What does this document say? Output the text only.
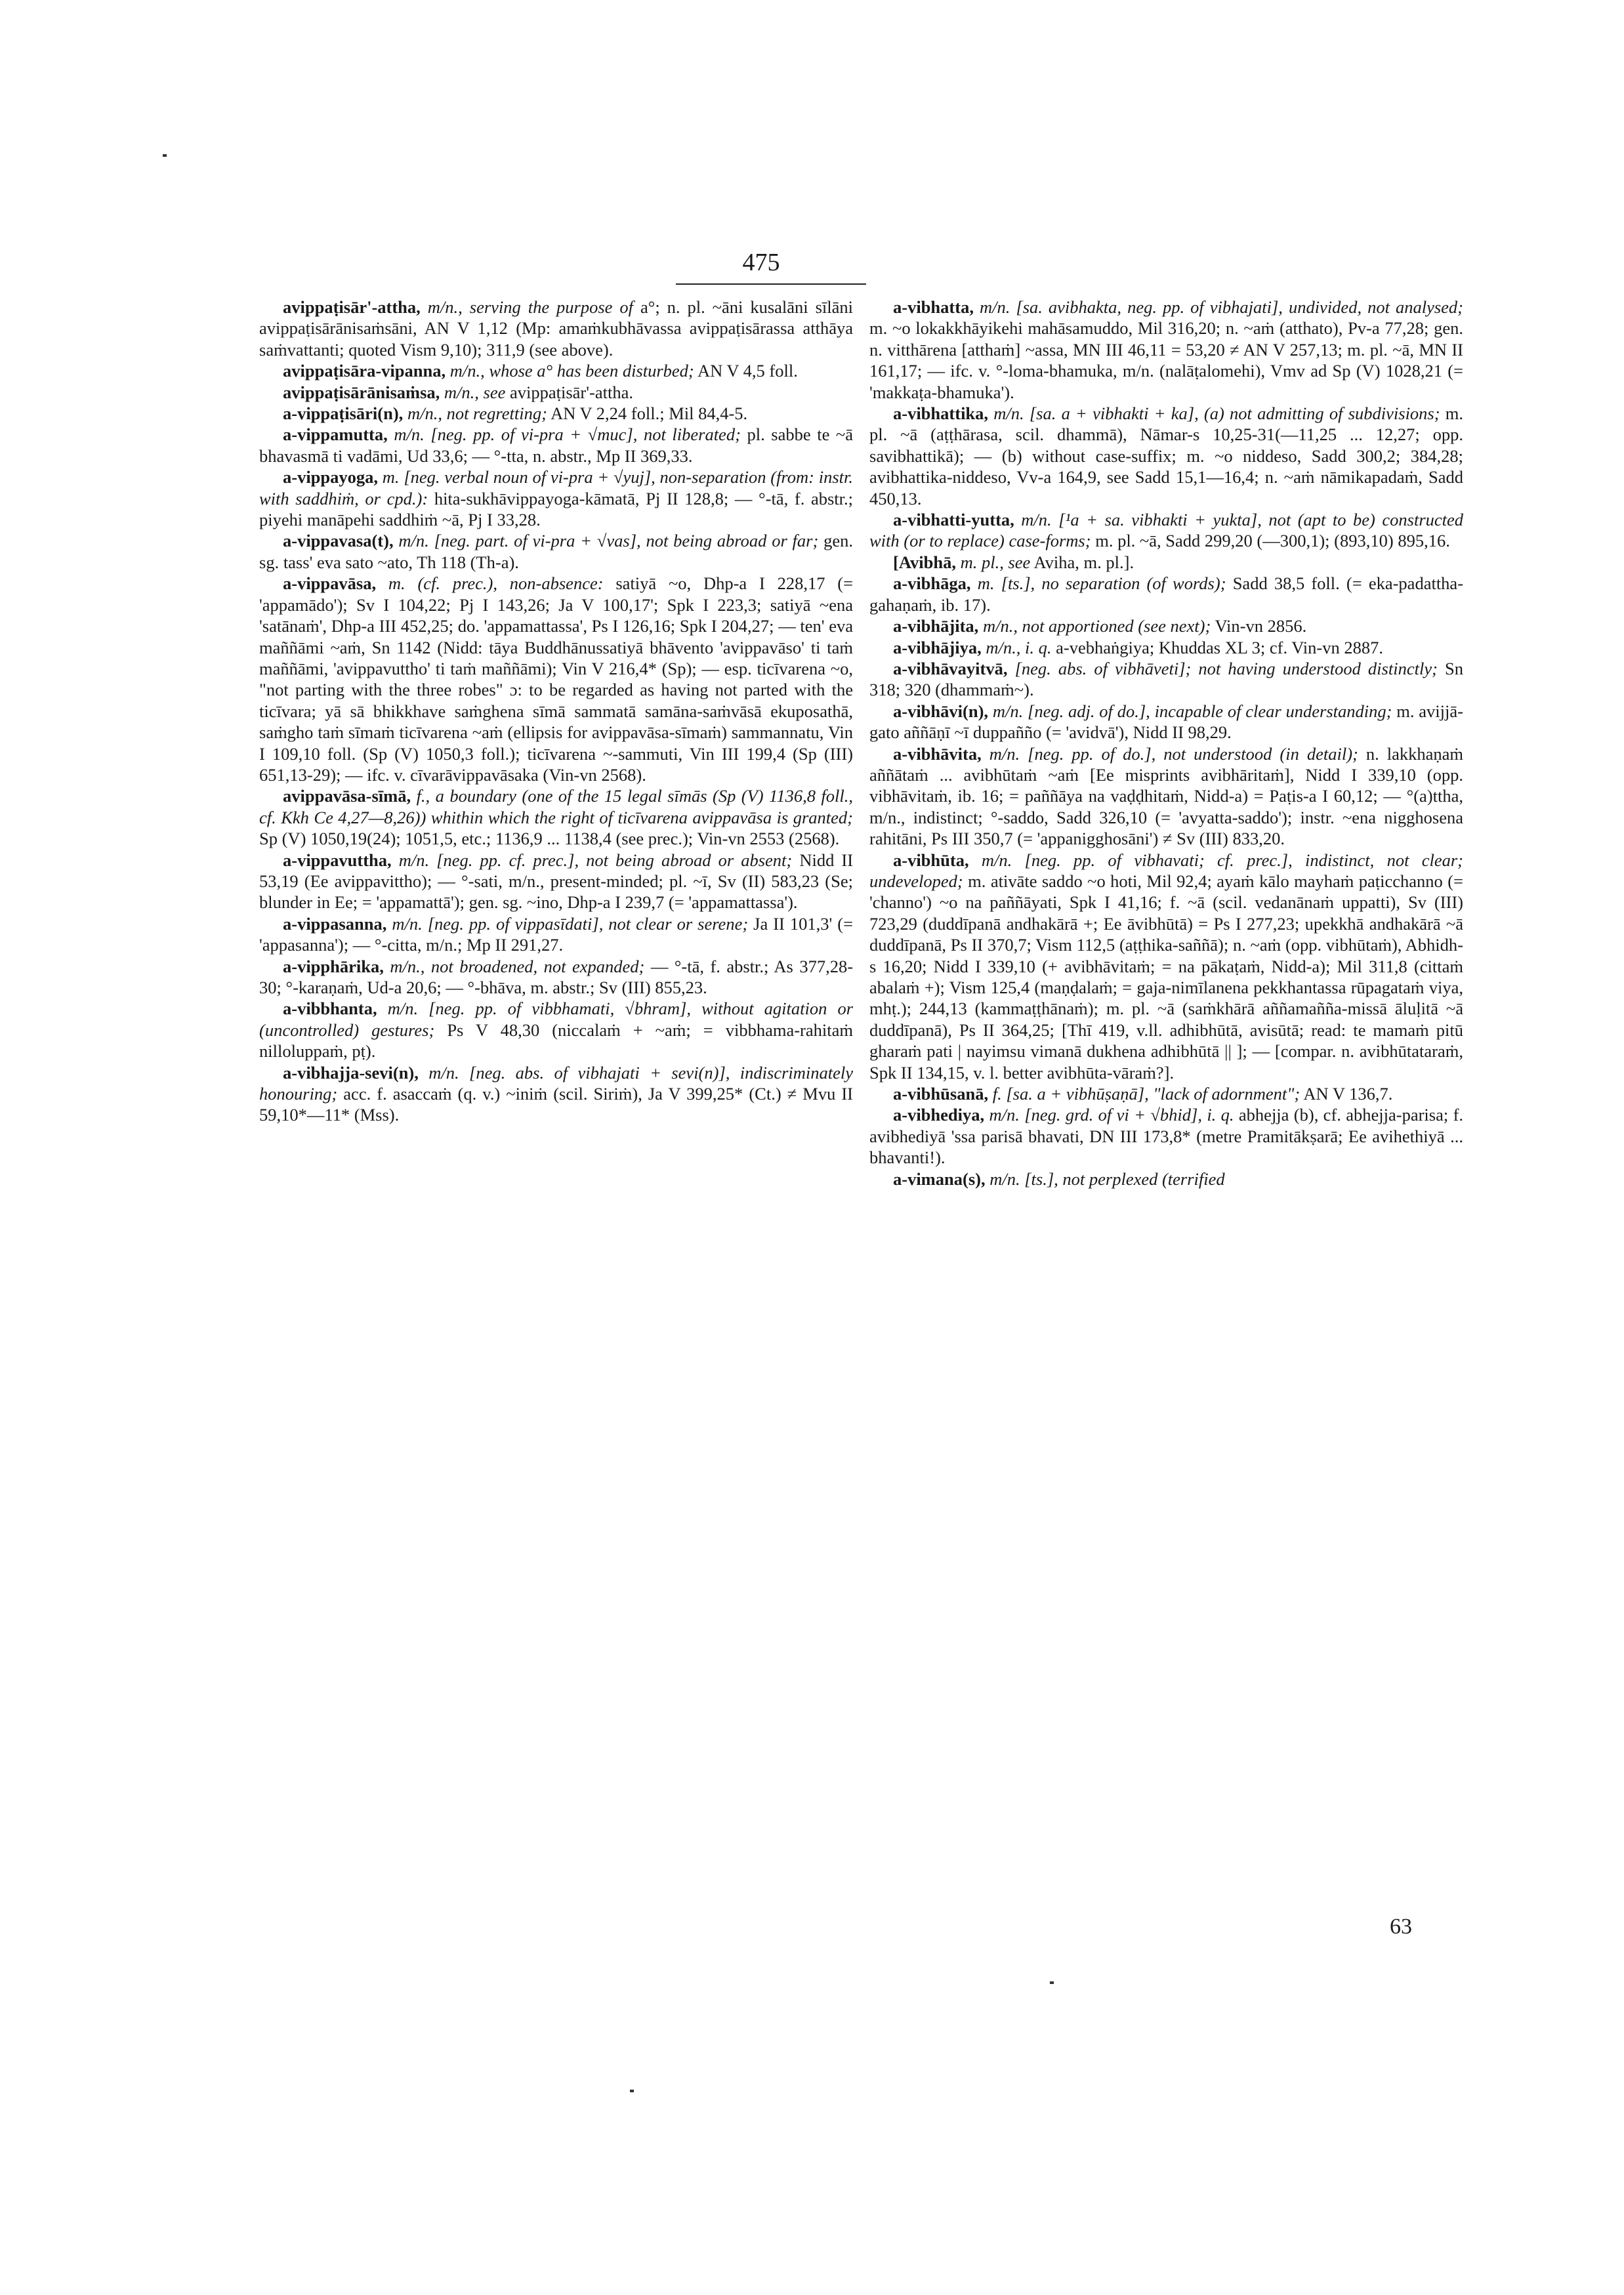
475

avippaṭisār'-attha, m/n., serving the purpose of a°; n. pl. ~āni kusalāni sīlāni avippaṭisārānisaṁsāni, AN V 1,12 (Mp: amaṁkubhāvassa avippaṭisārassa atthāya saṁvattanti; quoted Vism 9,10); 311,9 (see above).

avippaṭisāra-vipanna, m/n., whose a° has been disturbed; AN V 4,5 foll.

avippaṭisārānisaṁsa, m/n., see avippaṭisār'-attha.

a-vippaṭisāri(n), m/n., not regretting; AN V 2,24 foll.; Mil 84,4-5.

a-vippamutta, m/n. [neg. pp. of vi-pra + √muc], not liberated; pl. sabbe te ~ā bhavasmā ti vadāmi, Ud 33,6; — °-tta, n. abstr., Mp II 369,33.

a-vippayoga, m. [neg. verbal noun of vi-pra + √yuj], non-separation (from: instr. with saddhiṁ, or cpd.): hita-sukhāvippayoga-kāmatā, Pj II 128,8; — °-tā, f. abstr.; piyehi manāpehi saddhiṁ ~ā, Pj I 33,28.

a-vippavasa(t), m/n. [neg. part. of vi-pra + √vas], not being abroad or far; gen. sg. tass' eva sato ~ato, Th 118 (Th-a).

a-vippavāsa, m. (cf. prec.), non-absence: satiyā ~o, Dhp-a I 228,17 (= 'appamādo'); Sv I 104,22; Pj I 143,26; Ja V 100,17'; Spk I 223,3; satiyā ~ena 'satānaṁ', Dhp-a III 452,25; do. 'appamattassa', Ps I 126,16; Spk I 204,27; — ten' eva maññāmi ~aṁ, Sn 1142 (Nidd: tāya Buddhānussatiyā bhāvento 'avippavāso' ti taṁ maññāmi, 'avippavuttho' ti taṁ maññāmi); Vin V 216,4* (Sp); — esp. ticīvarena ~o, "not parting with the three robes" ɔ: to be regarded as having not parted with the ticīvara; yā sā bhikkhave saṁghena sīmā sammatā samāna-saṁvāsā ekuposathā, saṁgho taṁ sīmaṁ ticīvarena ~aṁ (ellipsis for avippavāsa-sīmaṁ) sammannatu, Vin I 109,10 foll. (Sp (V) 1050,3 foll.); ticīvarena ~-sammuti, Vin III 199,4 (Sp (III) 651,13-29); — ifc. v. cīvarāvippavāsaka (Vin-vn 2568).

avippavāsa-sīmā, f., a boundary (one of the 15 legal sīmās (Sp (V) 1136,8 foll., cf. Kkh Ce 4,27—8,26)) whithin which the right of ticīvarena avippavāsa is granted; Sp (V) 1050,19(24); 1051,5, etc.; 1136,9 ... 1138,4 (see prec.); Vin-vn 2553 (2568).

a-vippavuttha, m/n. [neg. pp. cf. prec.], not being abroad or absent; Nidd II 53,19 (Ee avippavittho); — °-sati, m/n., present-minded; pl. ~ī, Sv (II) 583,23 (Se; blunder in Ee; = 'appamattā'); gen. sg. ~ino, Dhp-a I 239,7 (= 'appamattassa').

a-vippasanna, m/n. [neg. pp. of vippasīdati], not clear or serene; Ja II 101,3' (= 'appasanna'); — °-citta, m/n.; Mp II 291,27.

a-vipphārika, m/n., not broadened, not expanded; — °-tā, f. abstr.; As 377,28-30; °-karaṇaṁ, Ud-a 20,6; — °-bhāva, m. abstr.; Sv (III) 855,23.

a-vibbhanta, m/n. [neg. pp. of vibbhamati, √bhram], without agitation or (uncontrolled) gestures; Ps V 48,30 (niccalaṁ + ~aṁ; = vibbhama-rahitaṁ nilloluppaṁ, pṭ).

a-vibhajja-sevi(n), m/n. [neg. abs. of vibhajati + sevi(n)], indiscriminately honouring; acc. f. asaccaṁ (q. v.) ~iniṁ (scil. Siriṁ), Ja V 399,25* (Ct.) ≠ Mvu II 59,10*—11* (Mss).

a-vibhatta, m/n. [sa. avibhakta, neg. pp. of vibhajati], undivided, not analysed; m. ~o lokakkhāyikehi mahāsamuddo, Mil 316,20; n. ~aṁ (atthato), Pv-a 77,28; gen. n. vitthārena [atthaṁ] ~assa, MN III 46,11 = 53,20 ≠ AN V 257,13; m. pl. ~ā, MN II 161,17; — ifc. v. °-loma-bhamuka, m/n. (nalāṭalomehi), Vmv ad Sp (V) 1028,21 (= 'makkaṭa-bhamuka').

a-vibhattika, m/n. [sa. a + vibhakti + ka], (a) not admitting of subdivisions; m. pl. ~ā (aṭṭhārasa, scil. dhammā), Nāmar-s 10,25-31(—11,25 ... 12,27; opp. savibhattikā); — (b) without case-suffix; m. ~o niddeso, Sadd 300,2; 384,28; avibhattika-niddeso, Vv-a 164,9, see Sadd 15,1—16,4; n. ~aṁ nāmikapadaṁ, Sadd 450,13.

a-vibhatti-yutta, m/n. [¹a + sa. vibhakti + yukta], not (apt to be) constructed with (or to replace) case-forms; m. pl. ~ā, Sadd 299,20 (—300,1); (893,10) 895,16.

[Avibhā, m. pl., see Aviha, m. pl.].

a-vibhāga, m. [ts.], no separation (of words); Sadd 38,5 foll. (= eka-padattha-gahaṇaṁ, ib. 17).

a-vibhājita, m/n., not apportioned (see next); Vin-vn 2856.

a-vibhājiya, m/n., i. q. a-vebhaṅgiya; Khuddas XL 3; cf. Vin-vn 2887.

a-vibhāvayitvā, [neg. abs. of vibhāveti]; not having understood distinctly; Sn 318; 320 (dhammaṁ~).

a-vibhāvi(n), m/n. [neg. adj. of do.], incapable of clear understanding; m. avijjā-gato aññāṇī ~ī duppañño (= 'avidvā'), Nidd II 98,29.

a-vibhāvita, m/n. [neg. pp. of do.], not understood (in detail); n. lakkhaṇaṁ aññātaṁ ... avibhūtaṁ ~aṁ [Ee misprints avibhāritaṁ], Nidd I 339,10 (opp. vibhāvitaṁ, ib. 16; = paññāya na vaḍḍhitaṁ, Nidd-a) = Paṭis-a I 60,12; — °(a)ttha, m/n., indistinct; °-saddo, Sadd 326,10 (= 'avyatta-saddo'); instr. ~ena nigghosena rahitāni, Ps III 350,7 (= 'appanigghosāni') ≠ Sv (III) 833,20.

a-vibhūta, m/n. [neg. pp. of vibhavati; cf. prec.], indistinct, not clear; undeveloped; m. ativāte saddo ~o hoti, Mil 92,4; ayaṁ kālo mayhaṁ paṭicchanno (= 'channo') ~o na paññāyati, Spk I 41,16; f. ~ā (scil. vedanānaṁ uppatti), Sv (III) 723,29 (duddīpanā andhakārā +; Ee āvibhūtā) = Ps I 277,23; upekkhā andhakārā ~ā duddīpanā, Ps II 370,7; Vism 112,5 (aṭṭhika-saññā); n. ~aṁ (opp. vibhūtaṁ), Abhidh-s 16,20; Nidd I 339,10 (+ avibhāvitaṁ; = na pākaṭaṁ, Nidd-a); Mil 311,8 (cittaṁ abalaṁ +); Vism 125,4 (maṇḍalaṁ; = gaja-nimīlanena pekkhantassa rūpagataṁ viya, mhṭ.); 244,13 (kammaṭṭhānaṁ); m. pl. ~ā (saṁkhārā aññamañña-missā āluḷitā ~ā duddīpanā), Ps II 364,25; [Thī 419, v.ll. adhibhūtā, avisūtā; read: te mamaṁ pitū gharaṁ pati | nayimsu vimanā dukhena adhibhūtā || ]; — [compar. n. avibhūtataraṁ, Spk II 134,15, v. l. better avibhūta-vāraṁ?].

a-vibhūsanā, f. [sa. a + vibhūṣaṇā], "lack of adornment"; AN V 136,7.

a-vibhediya, m/n. [neg. grd. of vi + √bhid], i. q. abhejja (b), cf. abhejja-parisa; f. avibhediyā 'ssa parisā bhavati, DN III 173,8* (metre Pramitākṣarā; Ee avihethiyā ... bhavanti!).

a-vimana(s), m/n. [ts.], not perplexed (terrified

63
